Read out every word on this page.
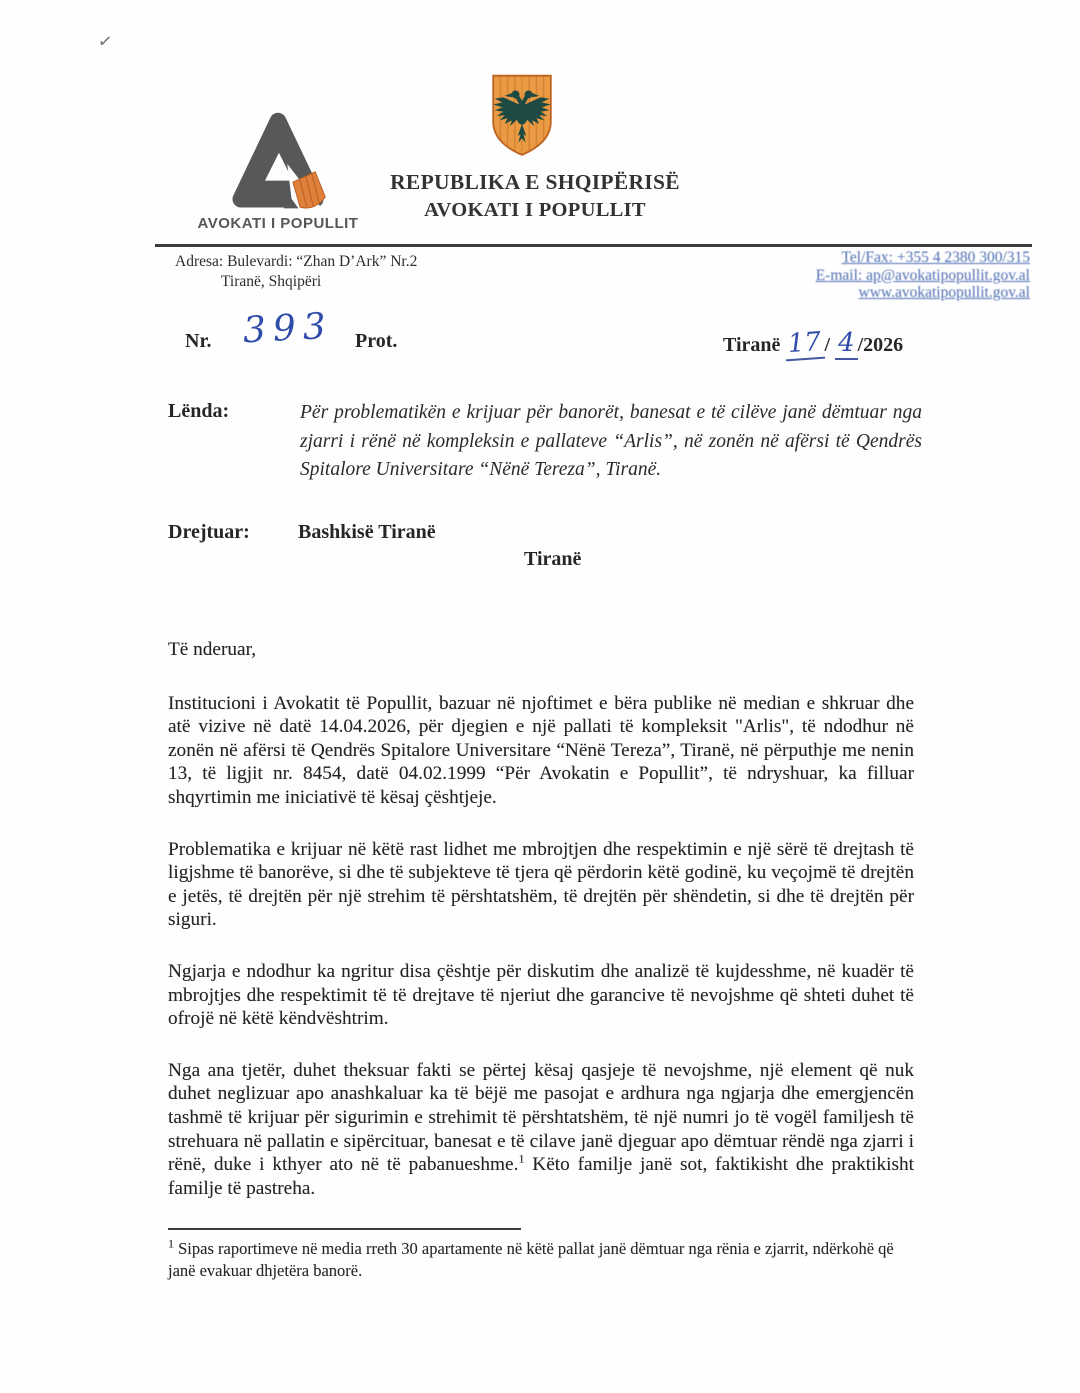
✓
AVOKATI I POPULLIT
REPUBLIKA E SHQIPËRISË
AVOKATI I POPULLIT
Adresa: Bulevardi: “Zhan D’Ark” Nr.2
Tiranë, Shqipëri
Tel/Fax: +355 4 2380 300/315
E-mail: ap@avokatipopullit.gov.al
www.avokatipopullit.gov.al
Nr. 393 Prot.	Tiranë 17 / 4 /2026
Lënda:	Për problematikën e krijuar për banorët, banesat e të cilëve janë dëmtuar nga zjarri i rënë në kompleksin e pallateve “Arlis”, në zonën në afërsi të Qendrës Spitalore Universitare “Nënë Tereza”, Tiranë.
Drejtuar: Bashkisë Tiranë
Tiranë
Të nderuar,

Institucioni i Avokatit të Popullit, bazuar në njoftimet e bëra publike në median e shkruar dhe atë vizive në datë 14.04.2026, për djegien e një pallati të kompleksit "Arlis", të ndodhur në zonën në afërsi të Qendrës Spitalore Universitare “Nënë Tereza”, Tiranë, në përputhje me nenin 13, të ligjit nr. 8454, datë 04.02.1999 “Për Avokatin e Popullit”, të ndryshuar, ka filluar shqyrtimin me iniciativë të kësaj çështjeje.

Problematika e krijuar në këtë rast lidhet me mbrojtjen dhe respektimin e një sërë të drejtash të ligjshme të banorëve, si dhe të subjekteve të tjera që përdorin këtë godinë, ku veçojmë të drejtën e jetës, të drejtën për një strehim të përshtatshëm, të drejtën për shëndetin, si dhe të drejtën për siguri.

Ngjarja e ndodhur ka ngritur disa çështje për diskutim dhe analizë të kujdesshme, në kuadër të mbrojtjes dhe respektimit të të drejtave të njeriut dhe garancive të nevojshme që shteti duhet të ofrojë në këtë këndvështrim.

Nga ana tjetër, duhet theksuar fakti se përtej kësaj qasjeje të nevojshme, një element që nuk duhet neglizuar apo anashkaluar ka të bëjë me pasojat e ardhura nga ngjarja dhe emergjencën tashmë të krijuar për sigurimin e strehimit të përshtatshëm, të një numri jo të vogël familjesh të strehuara në pallatin e sipërcituar, banesat e të cilave janë djeguar apo dëmtuar rëndë nga zjarri i rënë, duke i kthyer ato në të pabanueshme.$^1$ Këto familje janë sot, faktikisht dhe praktikisht familje të pastreha.

$^1$ Sipas raportimeve në media rreth 30 apartamente në këtë pallat janë dëmtuar nga rënia e zjarrit, ndërkohë që janë evakuar dhjetëra banorë.
